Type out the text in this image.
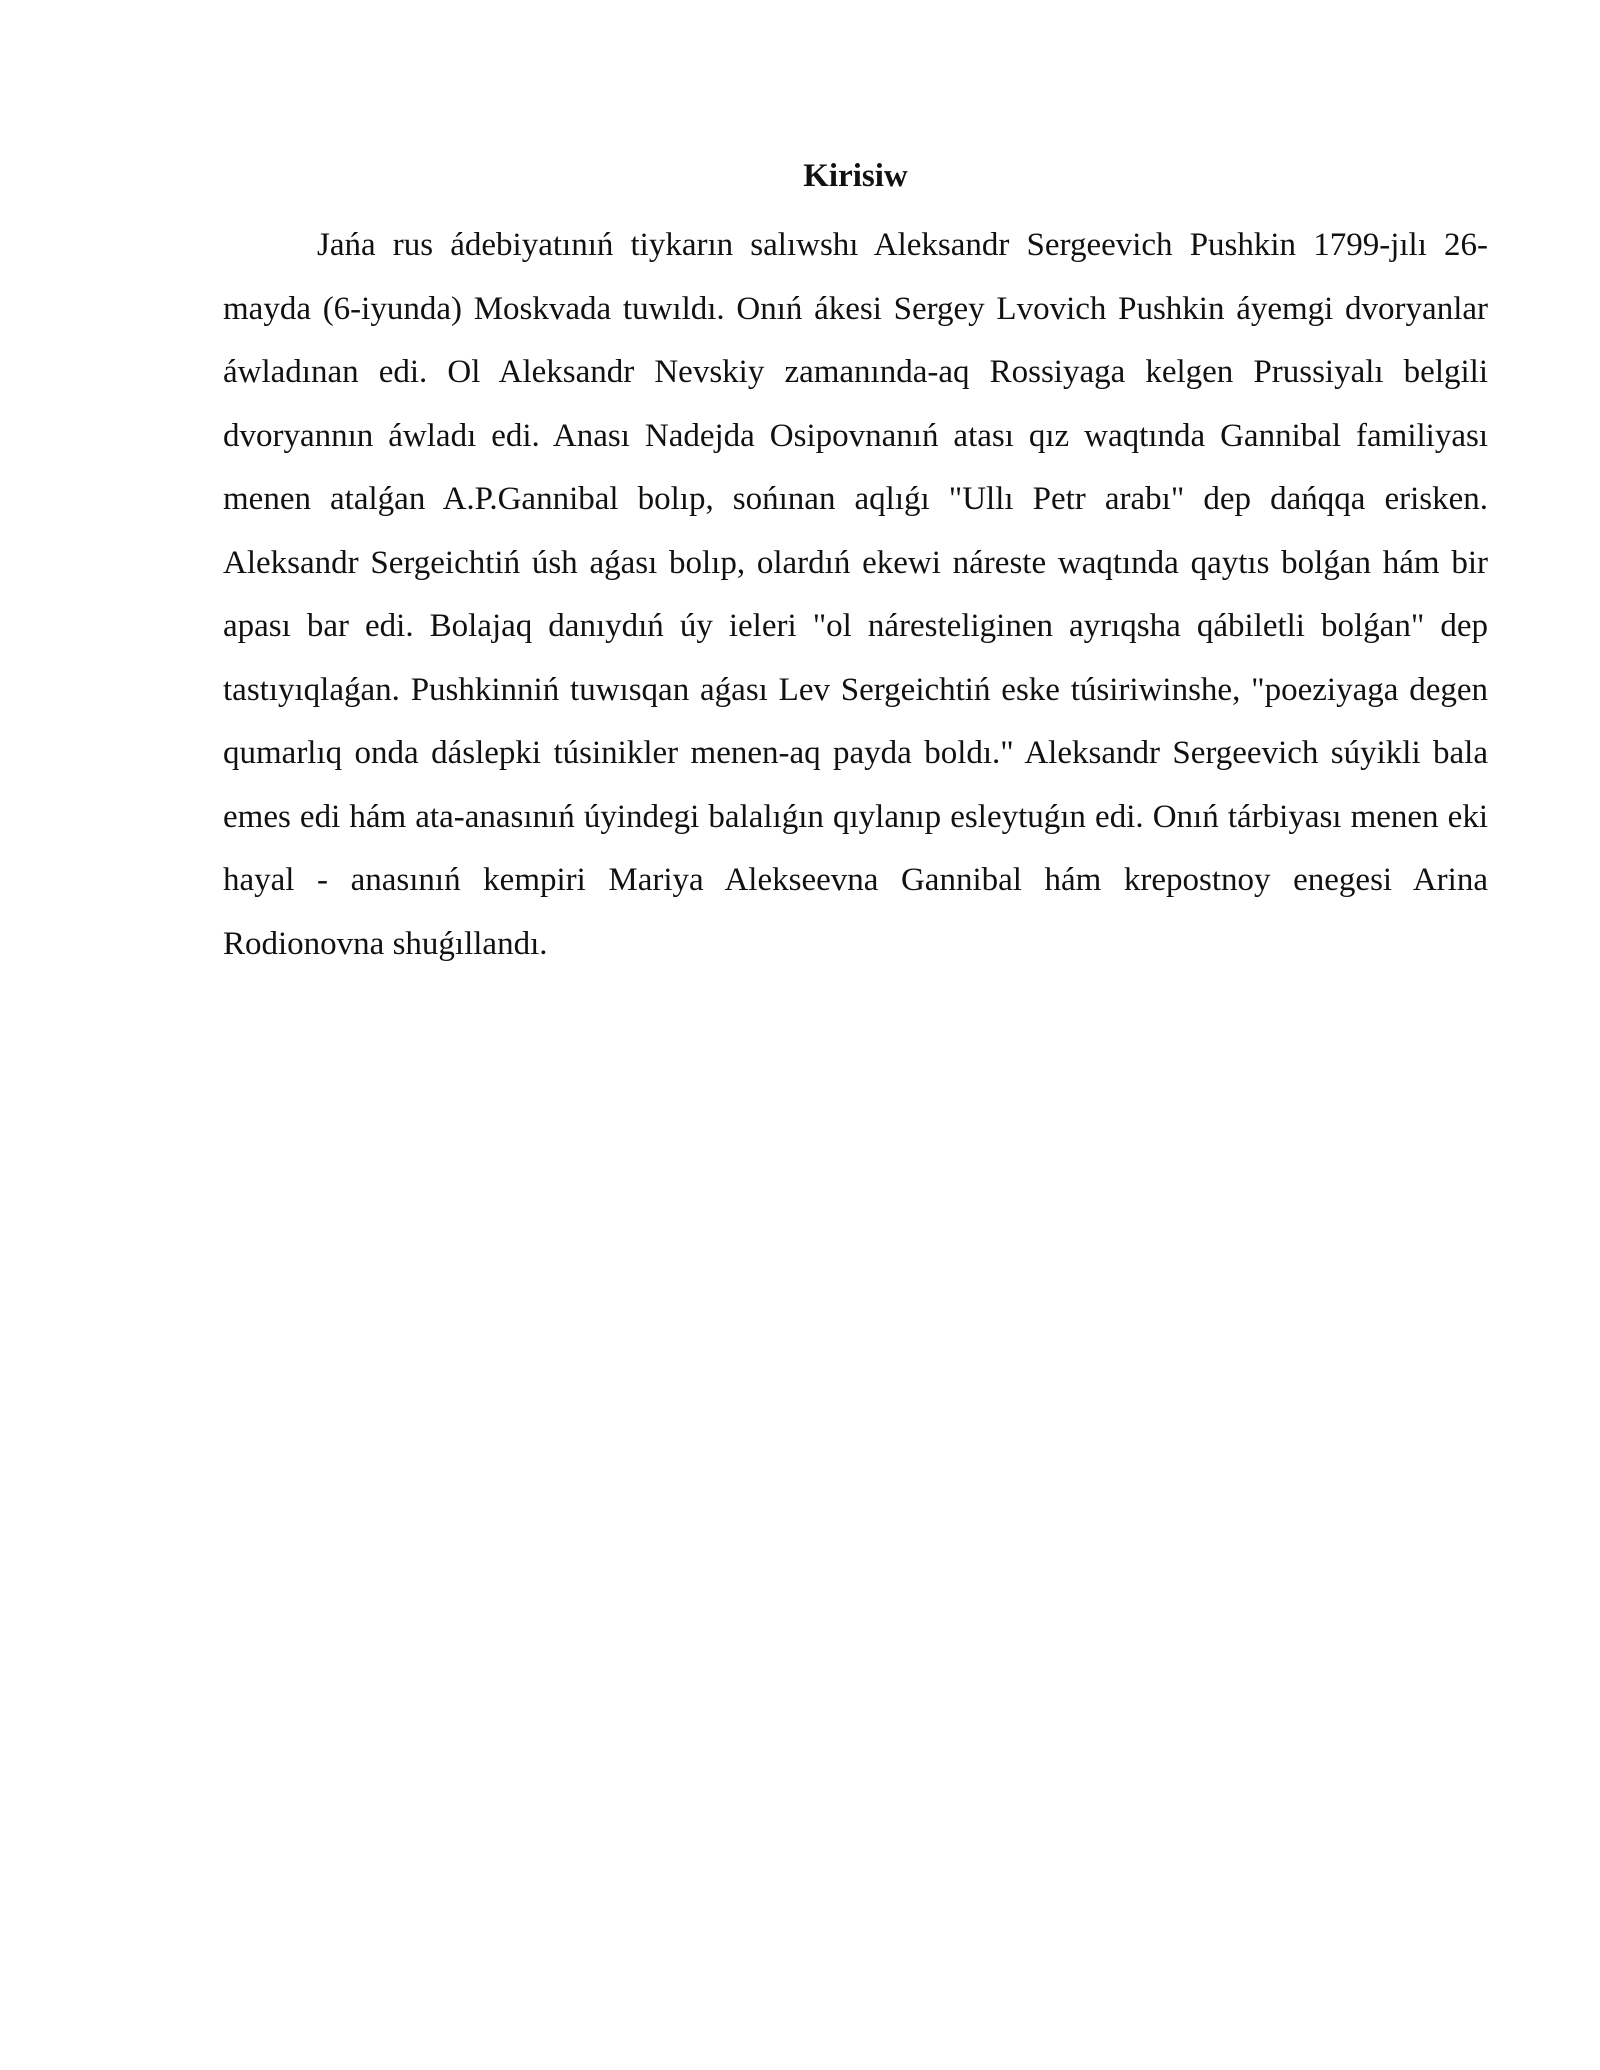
Kirisiw

Jańa rus ádebiyatınıń tiykarın salıwshı Aleksandr Sergeevich Pushkin 1799-jılı 26-mayda (6-iyunda) Moskvada tuwıldı. Onıń ákesi Sergey Lvovich Pushkin áyemgi dvoryanlar áwladınan edi. Ol Aleksandr Nevskiy zamanında-aq Rossiyaga kelgen Prussiyalı belgili dvoryannın áwladı edi. Anası Nadejda Osipovnanıń atası qız waqtında Gannibal familiyası menen atalǵan A.P.Gannibal bolıp, sońınan aqlıǵı "Ullı Petr arabı" dep dańqqa erisken. Aleksandr Sergeichtiń úsh aǵası bolıp, olardıń ekewi náreste waqtında qaytıs bolǵan hám bir apası bar edi. Bolajaq danıydıń úy ieleri "ol náresteliginen ayrıqsha qábiletli bolǵan" dep tastıyıqlaǵan. Pushkinniń tuwısqan aǵası Lev Sergeichtiń eske túsiriwinshe, "poeziyaga degen qumarlıq onda dáslepki túsinikler menen-aq payda boldı." Aleksandr Sergeevich súyikli bala emes edi hám ata-anasınıń úyindegi balalıǵın qıylanıp esleytuǵın edi. Onıń tárbiyası menen eki hayal - anasınıń kempiri Mariya Alekseevna Gannibal hám krepostnoy enegesi Arina Rodionovna shuǵıllandı.
